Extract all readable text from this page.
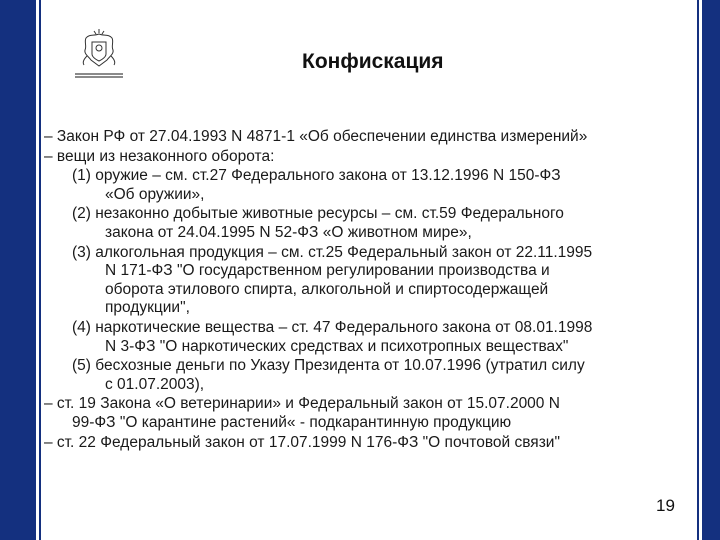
Конфискация
– Закон РФ от 27.04.1993 N 4871-1 «Об обеспечении единства измерений»
– вещи из незаконного оборота:
(1) оружие – см. ст.27 Федерального закона от 13.12.1996 N 150-ФЗ
«Об оружии»,
(2) незаконно добытые животные ресурсы – см. ст.59 Федерального
закона от 24.04.1995 N 52-ФЗ «О животном мире»,
(3) алкогольная продукция – см. ст.25 Федеральный закон от 22.11.1995
N 171-ФЗ "О государственном регулировании производства и
оборота этилового спирта, алкогольной и спиртосодержащей
продукции",
(4) наркотические вещества – ст. 47 Федерального закона от 08.01.1998
N 3-ФЗ "О наркотических средствах и психотропных веществах"
(5) бесхозные деньги по Указу Президента от 10.07.1996 (утратил силу
с 01.07.2003),
– ст. 19 Закона «О ветеринарии» и Федеральный закон от 15.07.2000 N
99-ФЗ "О карантине растений« - подкарантинную продукцию
– ст. 22 Федеральный закон от 17.07.1999 N 176-ФЗ "О почтовой связи"
19
